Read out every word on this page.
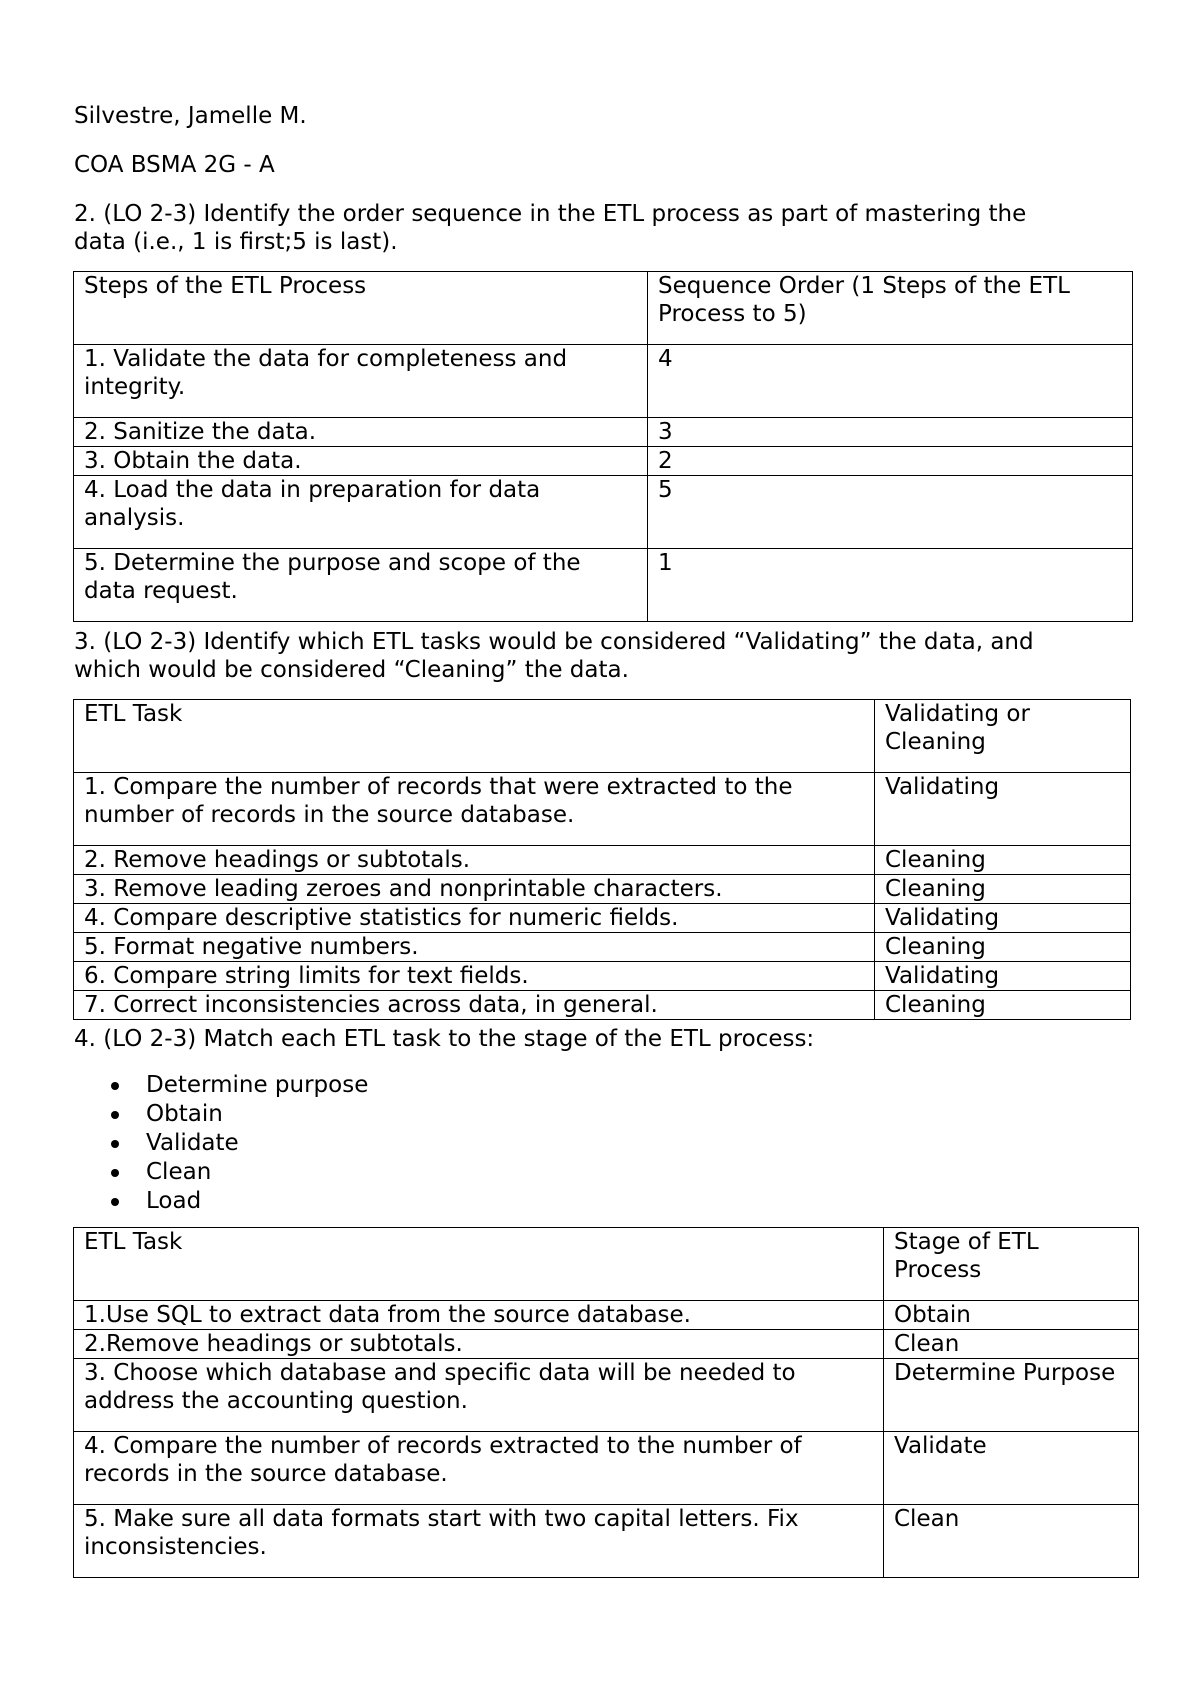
Silvestre, Jamelle M.

COA BSMA 2G - A

2. (LO 2-3) Identify the order sequence in the ETL process as part of mastering the

data (i.e., 1 is first;5 is last).

Steps of the ETL Process	Sequence Order (1 Steps of the ETL Process to 5)

1. Validate the data for completeness and integrity.	4

2. Sanitize the data.	3

3. Obtain the data.	2

4. Load the data in preparation for data analysis.	5

5. Determine the purpose and scope of the data request.	1

3. (LO 2-3) Identify which ETL tasks would be considered “Validating” the data, and

which would be considered “Cleaning” the data.

ETL Task	Validating or Cleaning

1. Compare the number of records that were extracted to the number of records in the source database.	Validating

2. Remove headings or subtotals.	Cleaning

3. Remove leading zeroes and nonprintable characters.	Cleaning

4. Compare descriptive statistics for numeric fields.	Validating

5. Format negative numbers.	Cleaning

6. Compare string limits for text fields.	Validating

7. Correct inconsistencies across data, in general.	Cleaning

4. (LO 2-3) Match each ETL task to the stage of the ETL process:

Determine purpose
Obtain
Validate
Clean
Load
ETL Task	Stage of ETL Process

1.Use SQL to extract data from the source database.	Obtain

2.Remove headings or subtotals.	Clean

3. Choose which database and specific data will be needed to address the accounting question.	Determine Purpose

4. Compare the number of records extracted to the number of records in the source database.	Validate

5. Make sure all data formats start with two capital letters. Fix inconsistencies.	Clean
